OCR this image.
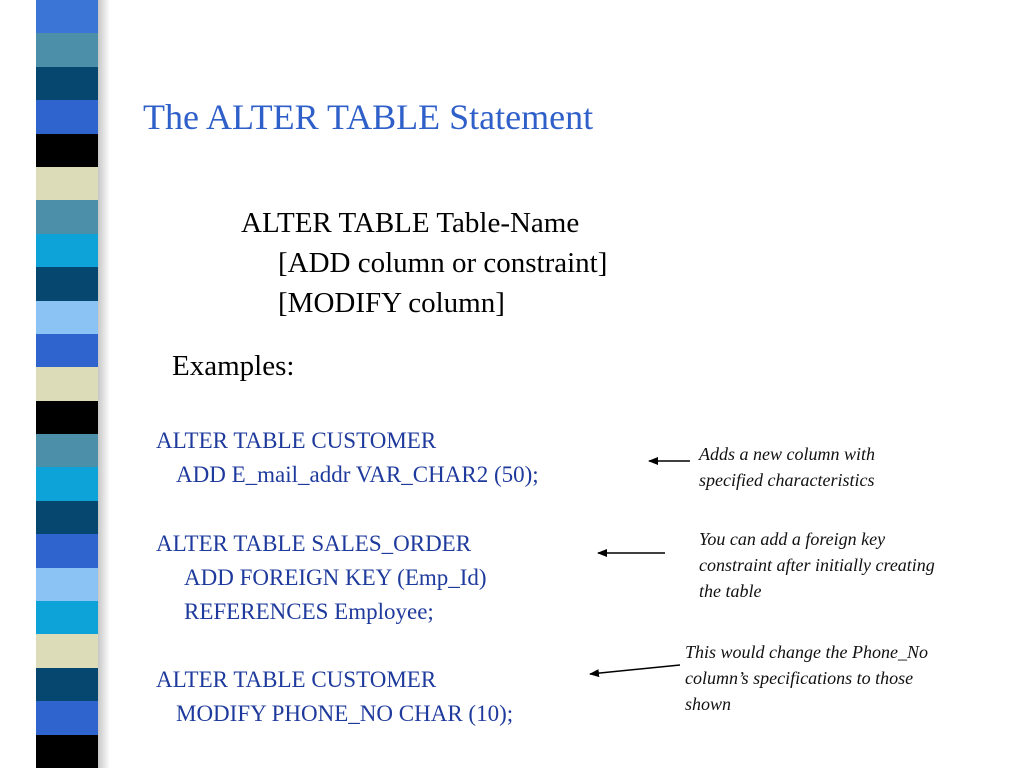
The ALTER TABLE Statement
ALTER TABLE Table-Name
[ADD column or constraint]
[MODIFY column]
Examples:
ALTER TABLE CUSTOMER
ADD E_mail_addr VAR_CHAR2 (50);
Adds a new column with
specified characteristics
ALTER TABLE SALES_ORDER
ADD FOREIGN KEY (Emp_Id)
REFERENCES Employee;
You can add a foreign key
constraint after initially creating
the table
ALTER TABLE CUSTOMER
MODIFY PHONE_NO CHAR (10);
This would change the Phone_No
column’s specifications to those
shown
